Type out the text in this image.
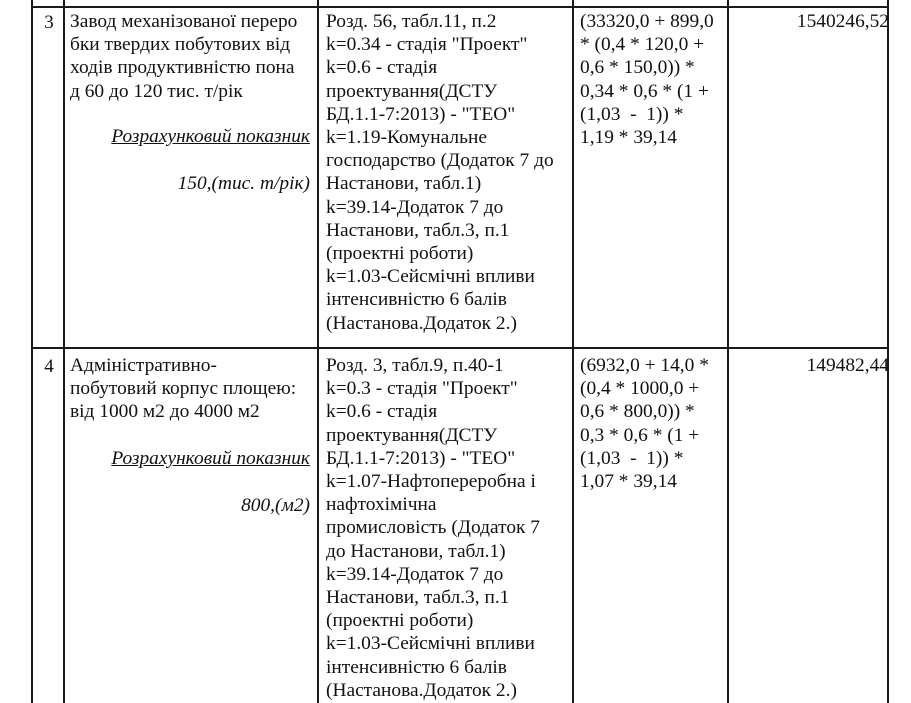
3 Завод механізованої переро
бки твердих побутових від
ходів продуктивністю пона
д 60 до 120 тис. т/рік

Розрахунковий показник

150,(тис. т/рік)

Розд. 56, табл.11, п.2
k=0.34 - стадія "Проект"
k=0.6 - стадія
проектування(ДСТУ
БД.1.1-7:2013) - "ТЕО"
k=1.19-Комунальне
господарство (Додаток 7 до
Настанови, табл.1)
k=39.14-Додаток 7 до
Настанови, табл.3, п.1
(проектні роботи)
k=1.03-Сейсмічні впливи
інтенсивністю 6 балів
(Настанова.Додаток 2.)
(33320,0 + 899,0
* (0,4 * 120,0 +
0,6 * 150,0)) *
0,34 * 0,6 * (1 +
(1,03  -  1)) *
1,19 * 39,14
1540246,52
4 Адміністративно-
побутовий корпус площею:
від 1000 м2 до 4000 м2

Розрахунковий показник

800,(м2)

Розд. 3, табл.9, п.40-1
k=0.3 - стадія "Проект"
k=0.6 - стадія
проектування(ДСТУ
БД.1.1-7:2013) - "ТЕО"
k=1.07-Нафтопереробна і
нафтохімічна
промисловість (Додаток 7
до Настанови, табл.1)
k=39.14-Додаток 7 до
Настанови, табл.3, п.1
(проектні роботи)
k=1.03-Сейсмічні впливи
інтенсивністю 6 балів
(Настанова.Додаток 2.)
(6932,0 + 14,0 *
(0,4 * 1000,0 +
0,6 * 800,0)) *
0,3 * 0,6 * (1 +
(1,03  -  1)) *
1,07 * 39,14
149482,44
